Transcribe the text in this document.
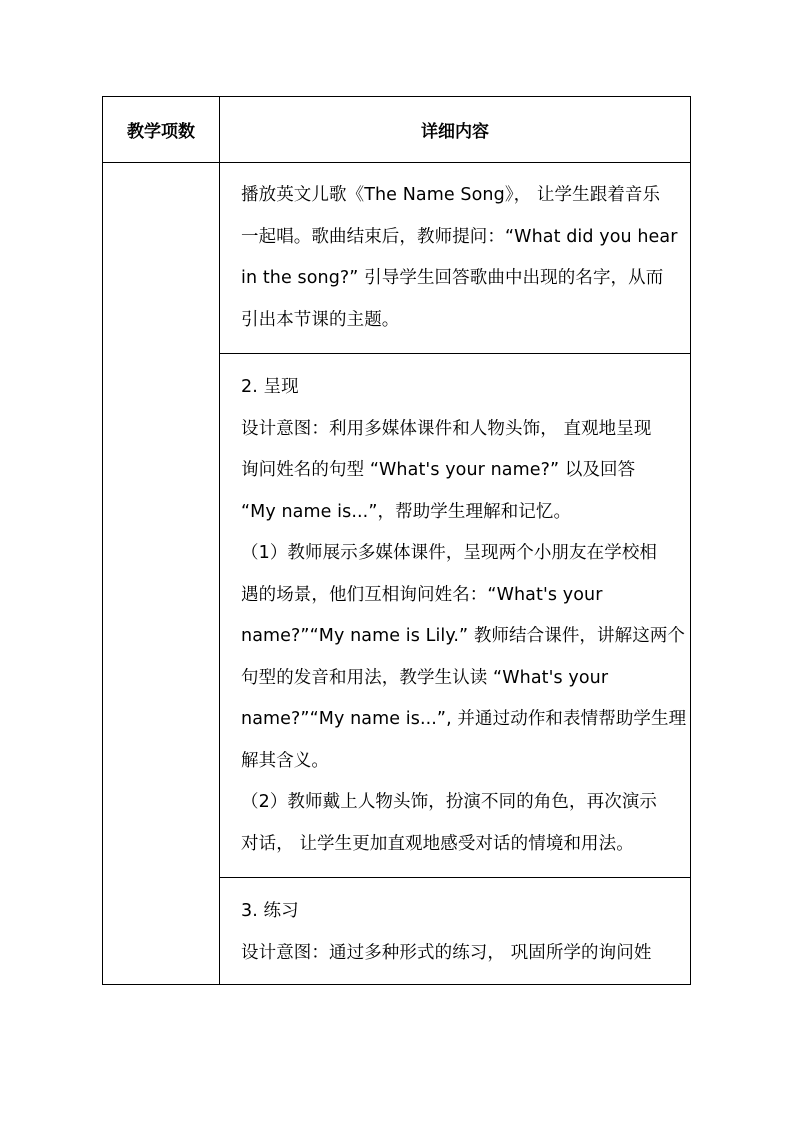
教学项数	详细内容
播放英文儿歌《The Name Song》， 让学生跟着音乐
一起唱。歌曲结束后，教师提问：“What did you hear
in the song?” 引导学生回答歌曲中出现的名字，从而
引出本节课的主题。
2. 呈现
设计意图：利用多媒体课件和人物头饰， 直观地呈现
询问姓名的句型 “What's your name?” 以及回答
“My name is...”，帮助学生理解和记忆。
（1）教师展示多媒体课件，呈现两个小朋友在学校相
遇的场景，他们互相询问姓名：“What's your
name?”“My name is Lily.” 教师结合课件，讲解这两个
句型的发音和用法，教学生认读 “What's your
name?”“My name is...”, 并通过动作和表情帮助学生理
解其含义。
（2）教师戴上人物头饰，扮演不同的角色，再次演示
对话， 让学生更加直观地感受对话的情境和用法。
3. 练习
设计意图：通过多种形式的练习， 巩固所学的询问姓
